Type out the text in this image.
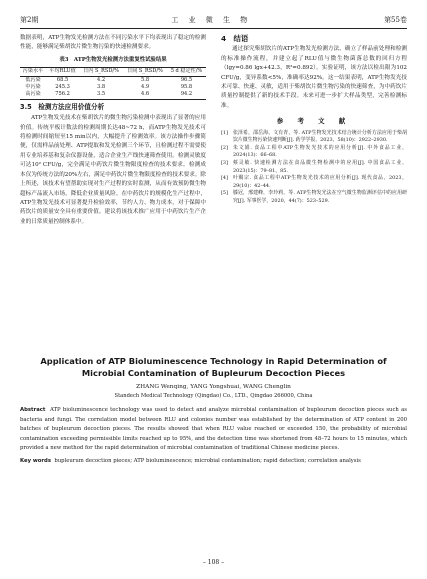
第2期	工 业 微 生 物	第55卷

数据表明，ATP生物发光检测方法在不同污染水平下均表现出了稳定的检测性能，能够满足柴胡饮片微生物污染的快速检测要求。

表3　ATP生物发光检测方法重复性试验结果
污染水平	平均RLU值	日内 S_RSD/%	日间 S_RSD/%	5 d 稳定性/%
低污染	68.5	4.2	5.8	96.5
中污染	245.3	3.8	4.9	95.8
高污染	756.2	3.5	4.6	94.2
3.5　检测方法应用价值分析

ATP生物发光技术在柴胡饮片的微生物污染检测中表现出了显著的应用价值。传统平板计数法的检测周期长达48~72 h，而ATP生物发光技术可将检测时间缩短至15 min以内，大幅提升了检测效率。该方法操作步骤简便，仅需样品前处理、ATP提取和发光检测三个环节，且检测过程不需要使用专业培养基和复杂仪器设备，适合企业生产线快速筛查使用。检测灵敏度可达10² CFU/g，完全满足中药饮片微生物限度检查的技术要求。检测成本仅为传统方法的20%左右，满足中药饮片微生物限度检查的技术要求。除上所述，该技术有望帮助实现对生产过程的实时监测，从而有效预防微生物超标产品流入市场，降低企业质量风险。在中药饮片的规模化生产过程中，ATP生物发光技术可显著提升检验效率，节约人力、物力成本，对于保障中药饮片的质量安全具有重要价值。建议将该技术推广应用于中药饮片生产企业的日常质量控制体系中。

4　结语

通过探究柴胡饮片的ATP生物发光检测方法，确立了样品前处理和检测的标准操作流程，并建立起了RLU值与微生物菌落总数的回归方程（lgy=0.86 lgx+42.3，R²=0.892）。实验证明，该方法以检出限为102 CFU/g，变异系数<5%，准确率达92%。这一结果表明，ATP生物发光技术可靠、快速、灵敏，适用于柴胡饮片微生物污染的快速筛查，为中药饮片质量控制提供了新的技术手段。未来可进一步扩大样品类型，完善检测标准。

参 考 文 献
[1]	张泽希，邵岳海，文有青，等. ATP生物发光技术结合统计分析方法应用于柴胡饮片微生物污染快速判断[J]. 药学学报，2023，58(10)：2922–2930.
[2]	朱文娟. 食品工程中ATP生物发光技术的应用分析[J]. 中外食品工业，2024(13)：66–68.
[3]	蔡灵敏. 快速检测方法在食品微生物检测中的应用[J]. 中国食品工业，2023(15)：79–81，85.
[4]	叶赐宗. 食品工程中ATP生物发光技术的应用分析[J]. 现代食品，2023，29(10)：42–44.
[5]	滕冠，邢建峰，李玲莉，等. ATP生物发光法在空气微生物监测评估中的应用研究[J]. 军事医学，2020，44(7)：523–529.
Application of ATP Bioluminescence Technology in Rapid Determination of Microbial Contamination of Bupleurum Decoction Pieces
ZHANG Wenqing, YANG Yongshuai, WANG Chenglin
Standech Medical Technology (Qingdao) Co., LTD., Qingdao 266000, China
Abstract ATP bioluminescence technology was used to detect and analyze microbial contamination of bupleurum decoction pieces such as bacteria and fungi. The correlation model between RLU and colonies number was established by the determination of ATP content in 200 batches of bupleurum decoction pieces. The results showed that when RLU value reached or exceeded 150, the probability of microbial contamination exceeding permissible limits reached up to 95%, and the detection time was shortened from 48–72 hours to 15 minutes, which provided a new method for the rapid determination of microbial contamination of traditional Chinese medicine pieces.
Key words bupleurum decoction pieces; ATP bioluminescence; microbial contamination; rapid detection; correlation analysis
– 108 –
